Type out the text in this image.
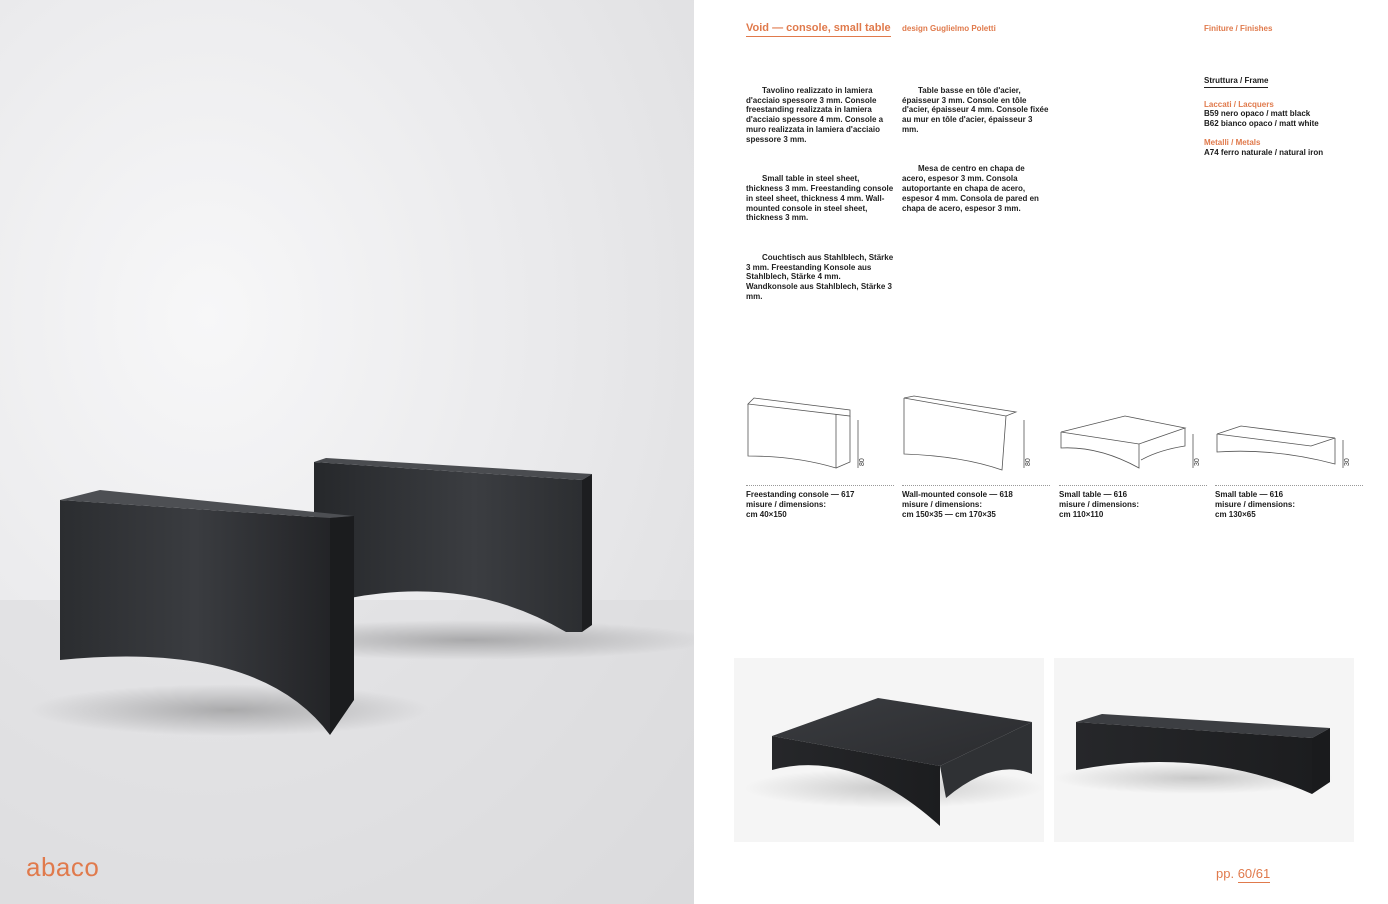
abaco
Void — console, small table design Guglielmo Poletti	Finiture / Finishes

Tavolino realizzato in lamiera d'acciaio spessore 3 mm. Console freestanding realizzata in lamiera d'acciaio spessore 4 mm. Console a muro realizzata in lamiera d'acciaio spessore 3 mm.

Small table in steel sheet, thickness 3 mm. Freestanding console in steel sheet, thickness 4 mm. Wall-mounted console in steel sheet, thickness 3 mm.

Couchtisch aus Stahlblech, Stärke 3 mm. Freestanding Konsole aus Stahlblech, Stärke 4 mm. Wandkonsole aus Stahlblech, Stärke 3 mm.

Table basse en tôle d'acier, épaisseur 3 mm. Console en tôle d'acier, épaisseur 4 mm. Console fixée au mur en tôle d'acier, épaisseur 3 mm.

Mesa de centro en chapa de acero, espesor 3 mm. Consola autoportante en chapa de acero, espesor 4 mm. Consola de pared en chapa de acero, espesor 3 mm.

Struttura / Frame
Laccati / Lacquers
B59 nero opaco / matt black
B62 bianco opaco / matt white
Metalli / Metals
A74 ferro naturale / natural iron
80	80	30	30
Freestanding console — 617
misure / dimensions:
cm 40×150
Wall-mounted console — 618
misure / dimensions:
cm 150×35 — cm 170×35
Small table — 616
misure / dimensions:
cm 110×110
Small table — 616
misure / dimensions:
cm 130×65
pp. 60/61
